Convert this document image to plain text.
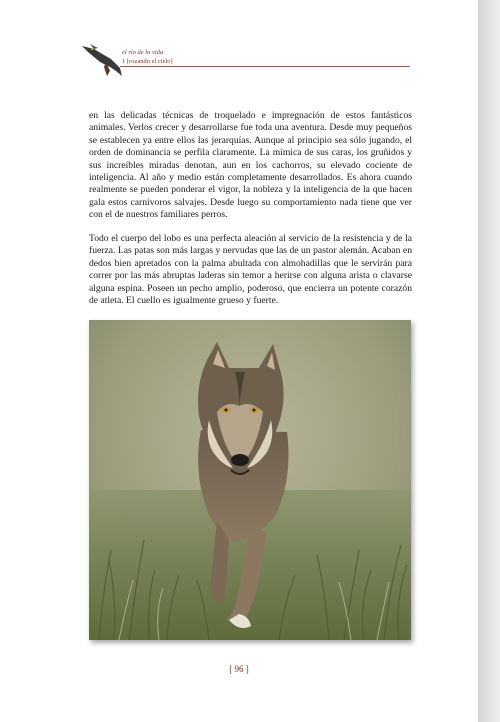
el río de la vida
1 [rozando el cielo]

en las delicadas técnicas de troquelado e impregnación de estos fantásticos animales. Verlos crecer y desarrollarse fue toda una aventura. Desde muy pequeños se establecen ya entre ellos las jerarquías. Aunque al principio sea sólo jugando, el orden de dominancia se perfila claramente. La mímica de sus caras, los gruñidos y sus increíbles miradas denotan, aun en los cachorros, su elevado cociente de inteligencia. Al año y medio están completamente desarrollados. Es ahora cuando realmente se pueden ponderar el vigor, la nobleza y la inteligencia de la que hacen gala estos carnívoros salvajes. Desde luego su comportamiento nada tiene que ver con el de nuestros familiares perros.

Todo el cuerpo del lobo es una perfecta aleación al servicio de la resistencia y de la fuerza. Las patas son más largas y nervudas que las de un pastor alemán. Acaban en dedos bien apretados con la palma abultada con almohadillas que le servirán para correr por las más abruptas laderas sin temor a herirse con alguna arista o clavarse alguna espina. Poseen un pecho amplio, poderoso, que encierra un potente corazón de atleta. El cuello es igualmente grueso y fuerte.

[ 96 ]
